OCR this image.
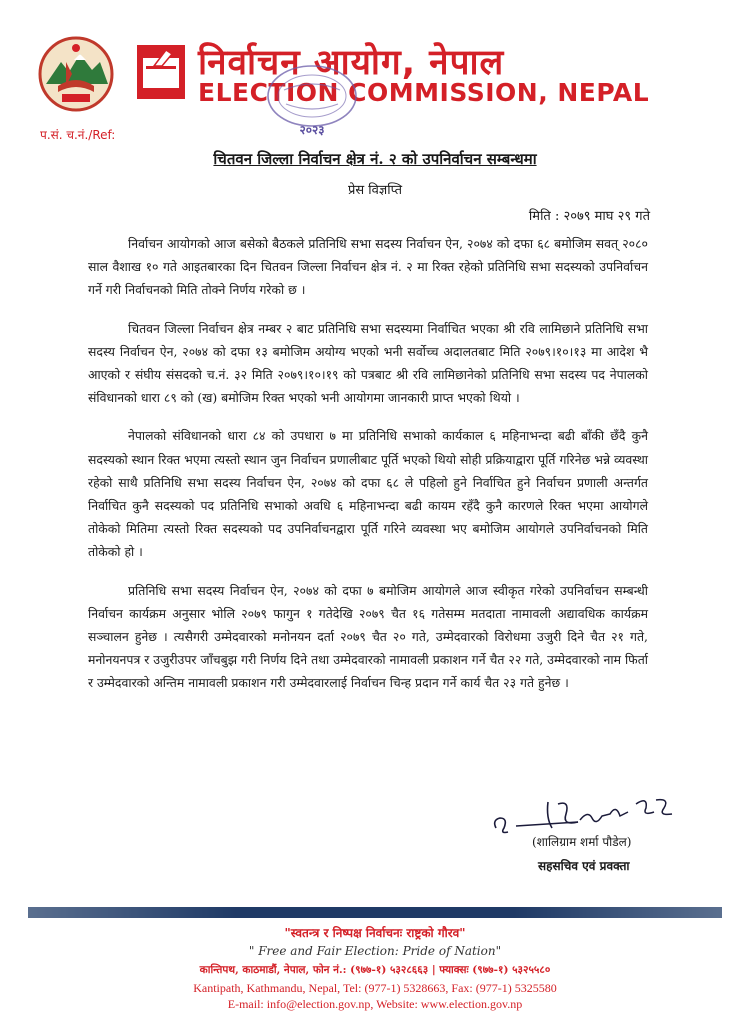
निर्वाचन आयोग, नेपाल
ELECTION COMMISSION, NEPAL
२०२३
प.सं. च.नं./Ref:
चितवन जिल्ला निर्वाचन क्षेत्र नं. २ को उपनिर्वाचन सम्बन्धमा
प्रेस विज्ञप्ति
मिति : २०७९ माघ २९ गते

निर्वाचन आयोगको आज बसेको बैठकले प्रतिनिधि सभा सदस्य निर्वाचन ऐन, २०७४ को दफा ६८ बमोजिम सवत् २०८० साल वैशाख १० गते आइतबारका दिन चितवन जिल्ला निर्वाचन क्षेत्र नं. २ मा रिक्त रहेको प्रतिनिधि सभा सदस्यको उपनिर्वाचन गर्ने गरी निर्वाचनको मिति तोक्ने निर्णय गरेको छ ।

चितवन जिल्ला निर्वाचन क्षेत्र नम्बर २ बाट प्रतिनिधि सभा सदस्यमा निर्वाचित भएका श्री रवि लामिछाने प्रतिनिधि सभा सदस्य निर्वाचन ऐन, २०७४ को दफा १३ बमोजिम अयोग्य भएको भनी सर्वोच्च अदालतबाट मिति २०७९।१०।१३ मा आदेश भै आएको र संघीय संसदको च.नं. ३२ मिति २०७९।१०।१९ को पत्रबाट श्री रवि लामिछानेको प्रतिनिधि सभा सदस्य पद नेपालको संविधानको धारा ८९ को (ख) बमोजिम रिक्त भएको भनी आयोगमा जानकारी प्राप्त भएको थियो ।

नेपालको संविधानको धारा ८४ को उपधारा ७ मा प्रतिनिधि सभाको कार्यकाल ६ महिनाभन्दा बढी बाँकी छँदै कुनै सदस्यको स्थान रिक्त भएमा त्यस्तो स्थान जुन निर्वाचन प्रणालीबाट पूर्ति भएको थियो सोही प्रक्रियाद्वारा पूर्ति गरिनेछ भन्ने व्यवस्था रहेको साथै प्रतिनिधि सभा सदस्य निर्वाचन ऐन, २०७४ को दफा ६८ ले पहिलो हुने निर्वाचित हुने निर्वाचन प्रणाली अन्तर्गत निर्वाचित कुनै सदस्यको पद प्रतिनिधि सभाको अवधि ६ महिनाभन्दा बढी कायम रहँदै कुनै कारणले रिक्त भएमा आयोगले तोकेको मितिमा त्यस्तो रिक्त सदस्यको पद उपनिर्वाचनद्वारा पूर्ति गरिने व्यवस्था भए बमोजिम आयोगले उपनिर्वाचनको मिति तोकेको हो ।

प्रतिनिधि सभा सदस्य निर्वाचन ऐन, २०७४ को दफा ७ बमोजिम आयोगले आज स्वीकृत गरेको उपनिर्वाचन सम्बन्धी निर्वाचन कार्यक्रम अनुसार भोलि २०७९ फागुन १ गतेदेखि २०७९ चैत १६ गतेसम्म मतदाता नामावली अद्यावधिक कार्यक्रम सञ्चालन हुनेछ । त्यसैगरी उम्मेदवारको मनोनयन दर्ता २०७९ चैत २० गते, उम्मेदवारको विरोधमा उजुरी दिने चैत २१ गते, मनोनयनपत्र र उजुरीउपर जाँचबुझ गरी निर्णय दिने तथा उम्मेदवारको नामावली प्रकाशन गर्ने चैत २२ गते, उम्मेदवारको नाम फिर्ता र उम्मेदवारको अन्तिम नामावली प्रकाशन गरी उम्मेदवारलाई निर्वाचन चिन्ह प्रदान गर्ने कार्य चैत २३ गते हुनेछ ।

(शालिग्राम शर्मा पौडेल)
सहसचिव एवं प्रवक्ता
"स्वतन्त्र र निष्पक्ष निर्वाचनः राष्ट्रको गौरव"
" Free and Fair Election: Pride of Nation"
कान्तिपथ, काठमाडौं, नेपाल, फोन नं.: (९७७-१) ५३२८६६३ | फ्याक्सः (९७७-१) ५३२५५८०
Kantipath, Kathmandu, Nepal, Tel: (977-1) 5328663, Fax: (977-1) 5325580
E-mail: info@election.gov.np, Website: www.election.gov.np
